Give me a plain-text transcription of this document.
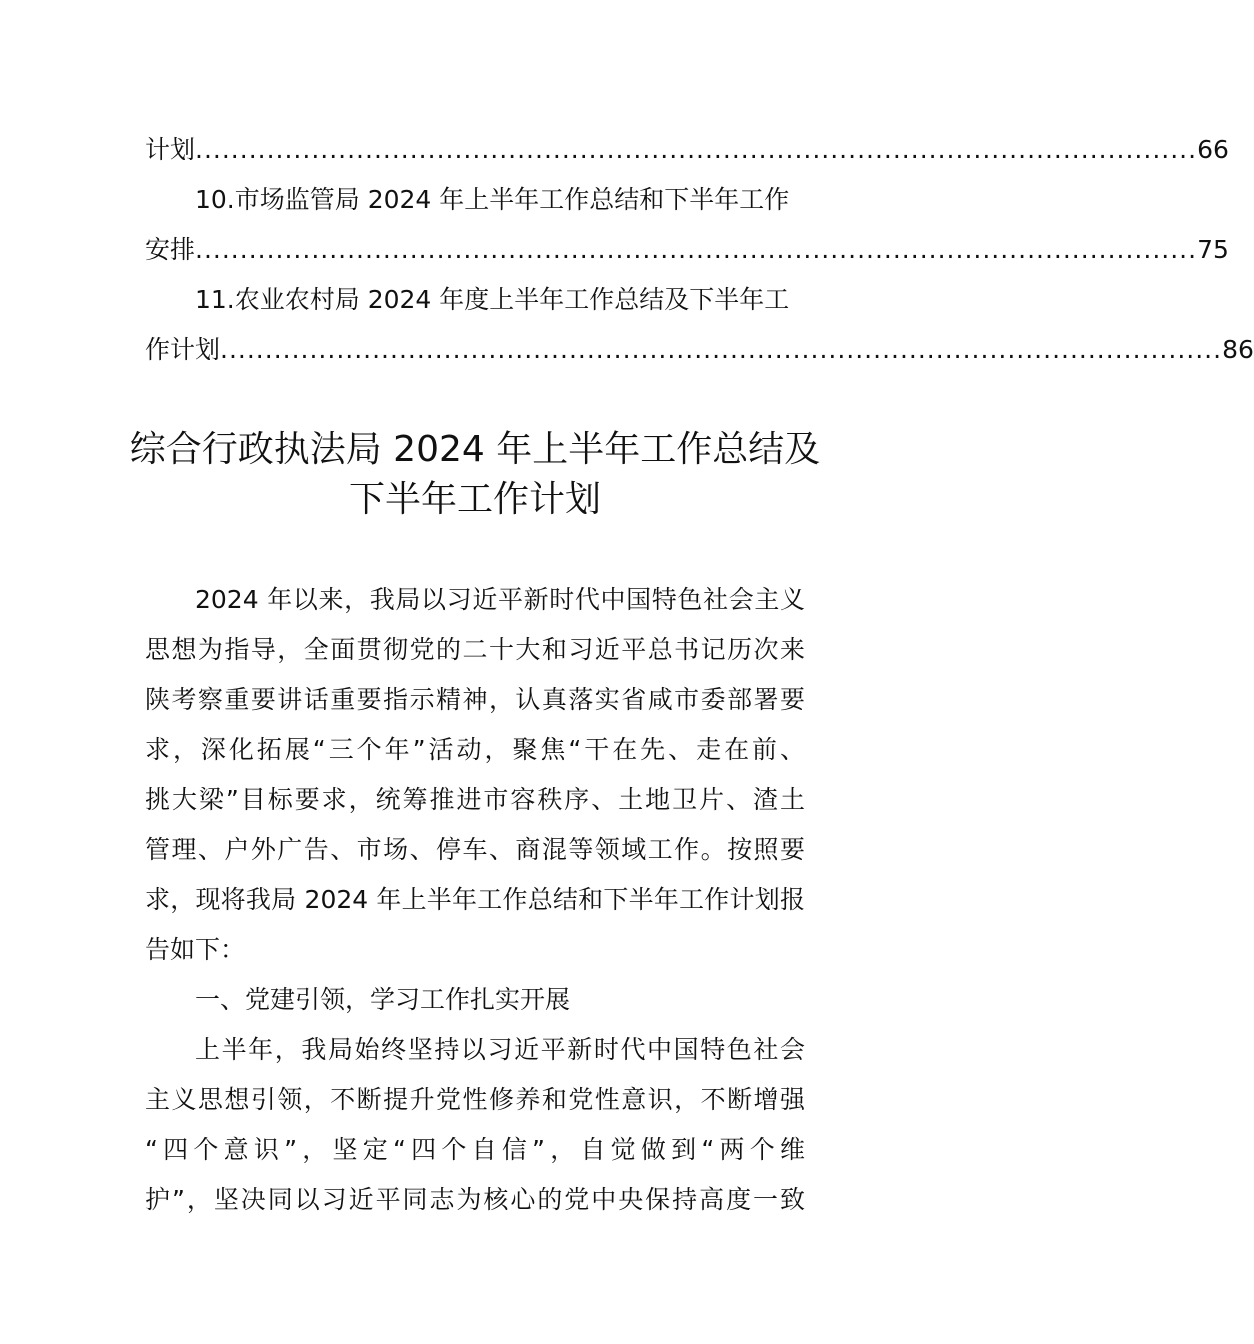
计划 ................................................................................................................ 66
10.市场监管局 2024 年上半年工作总结和下半年工作
安排 ................................................................................................................ 75
11.农业农村局 2024 年度上半年工作总结及下半年工
作计划 ................................................................................................................ 86
综合行政执法局 2024 年上半年工作总结及
下半年工作计划
2024 年以来，我局以习近平新时代中国特色社会主义
思想为指导，全面贯彻党的二十大和习近平总书记历次来
陕考察重要讲话重要指示精神，认真落实省咸市委部署要
求，深化拓展“三个年”活动，聚焦“干在先、走在前、
挑大梁”目标要求，统筹推进市容秩序、土地卫片、渣土
管理、户外广告、市场、停车、商混等领域工作。按照要
求，现将我局 2024 年上半年工作总结和下半年工作计划报
告如下：
一、党建引领，学习工作扎实开展
上半年，我局始终坚持以习近平新时代中国特色社会
主义思想引领，不断提升党性修养和党性意识，不断增强
“四个意识”，坚定“四个自信”，自觉做到“两个维
护”，坚决同以习近平同志为核心的党中央保持高度一致
